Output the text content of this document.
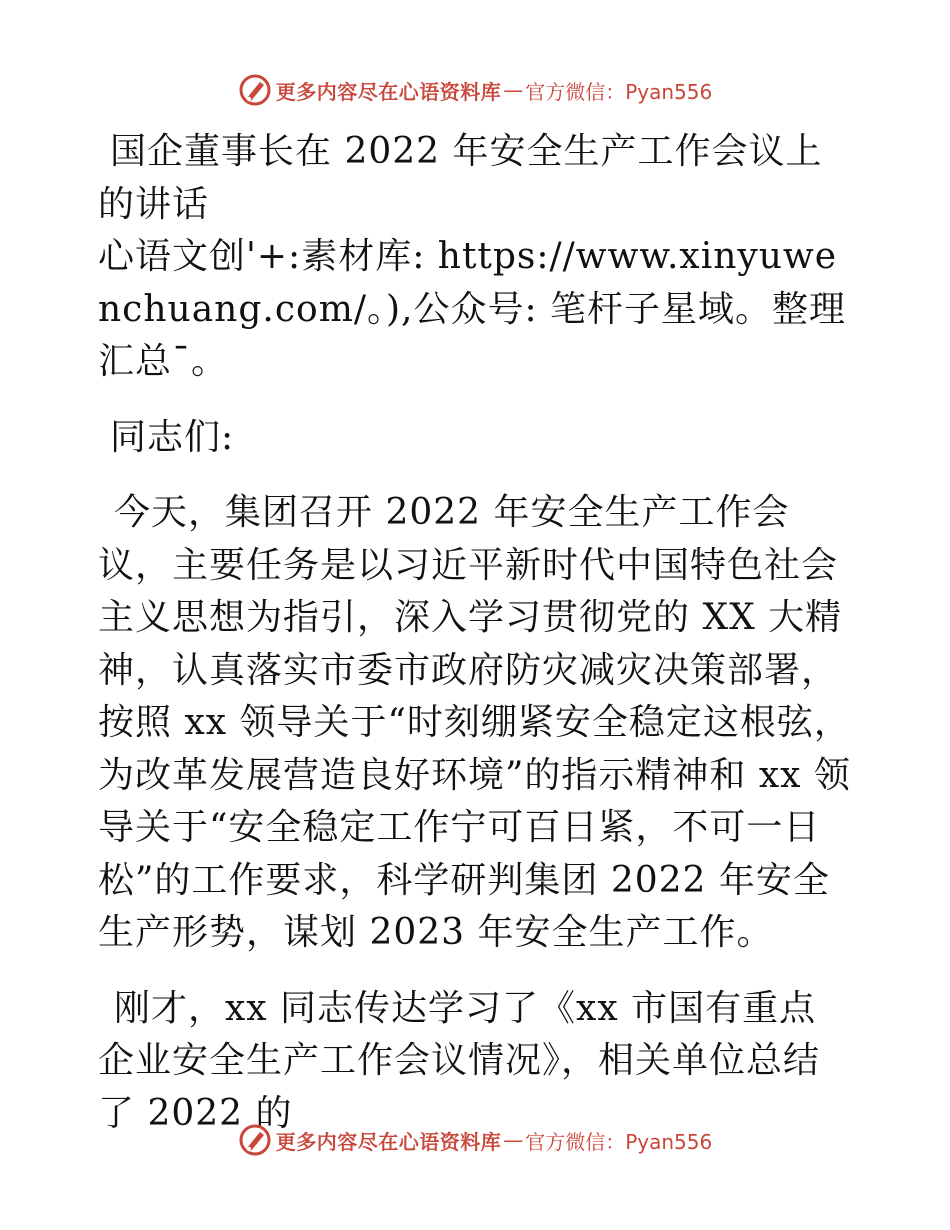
更多内容尽在心语资料库 — 官方微信：Pyan556

国企董事长在 2022 年安全生产工作会议上的讲话

心语文创'+:素材库: https://www.xinyuwenchuang.com/。),公众号: 笔杆子星域。整理汇总¯。

同志们:

今天，集团召开 2022 年安全生产工作会议，主要任务是以习近平新时代中国特色社会主义思想为指引，深入学习贯彻党的 XX 大精神，认真落实市委市政府防灾减灾决策部署，按照 xx 领导关于“时刻绷紧安全稳定这根弦，为改革发展营造良好环境”的指示精神和 xx 领导关于“安全稳定工作宁可百日紧，不可一日松”的工作要求，科学研判集团 2022 年安全生产形势，谋划 2023 年安全生产工作。

刚才，xx 同志传达学习了《xx 市国有重点企业安全生产工作会议情况》，相关单位总结了 2022 的

更多内容尽在心语资料库 — 官方微信：Pyan556
